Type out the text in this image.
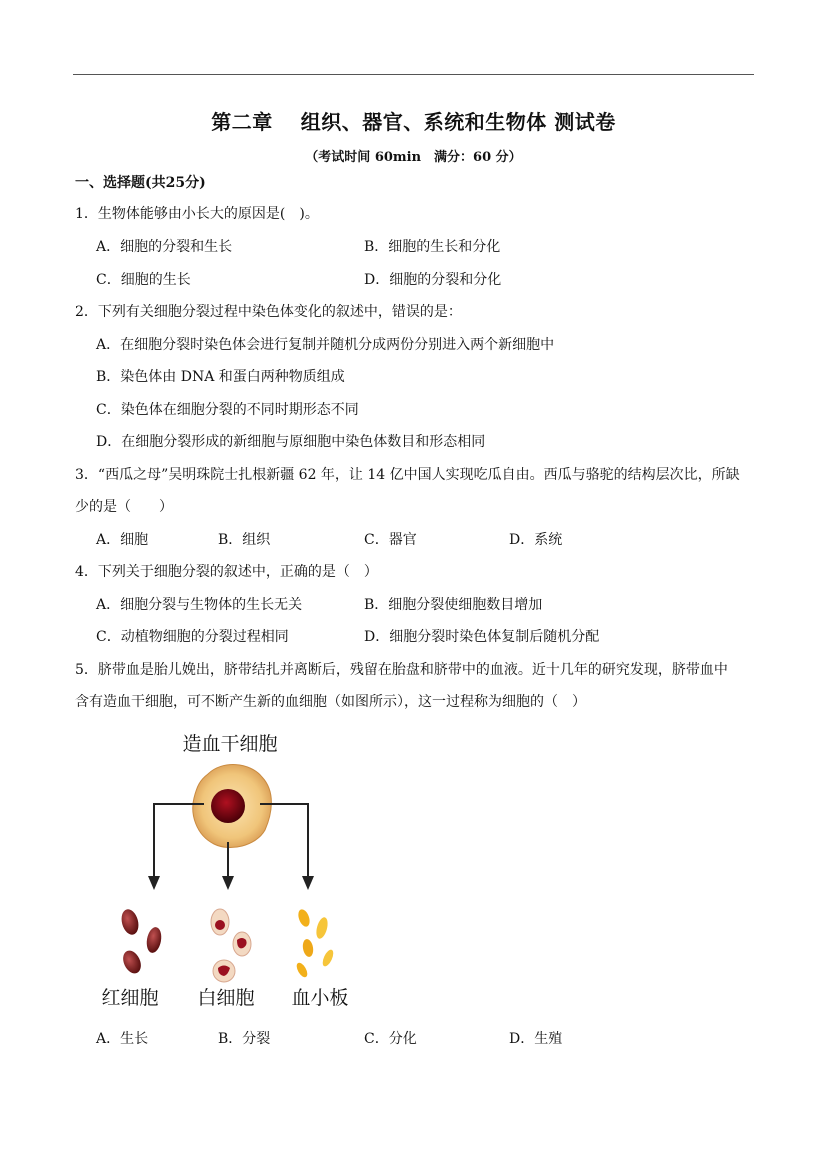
第二章 组织、器官、系统和生物体 测试卷
（考试时间 60min　满分：60 分）
一、选择题(共25分)
1．生物体能够由小长大的原因是(　)。
A．细胞的分裂和生长	B．细胞的生长和分化
C．细胞的生长	D．细胞的分裂和分化
2．下列有关细胞分裂过程中染色体变化的叙述中，错误的是：
A．在细胞分裂时染色体会进行复制并随机分成两份分别进入两个新细胞中
B．染色体由 DNA 和蛋白两种物质组成
C．染色体在细胞分裂的不同时期形态不同
D．在细胞分裂形成的新细胞与原细胞中染色体数目和形态相同
3．“西瓜之母”吴明珠院士扎根新疆 62 年，让 14 亿中国人实现吃瓜自由。西瓜与骆驼的结构层次比，所缺
少的是（　　）
A．细胞	B．组织	C．器官	D．系统
4．下列关于细胞分裂的叙述中，正确的是（　）
A．细胞分裂与生物体的生长无关	B．细胞分裂使细胞数目增加
C．动植物细胞的分裂过程相同	D．细胞分裂时染色体复制后随机分配
5．脐带血是胎儿娩出，脐带结扎并离断后，残留在胎盘和脐带中的血液。近十几年的研究发现，脐带血中
含有造血干细胞，可不断产生新的血细胞（如图所示），这一过程称为细胞的（　）
造血干细胞
红细胞 白细胞 血小板
A．生长	B．分裂	C．分化	D．生殖
